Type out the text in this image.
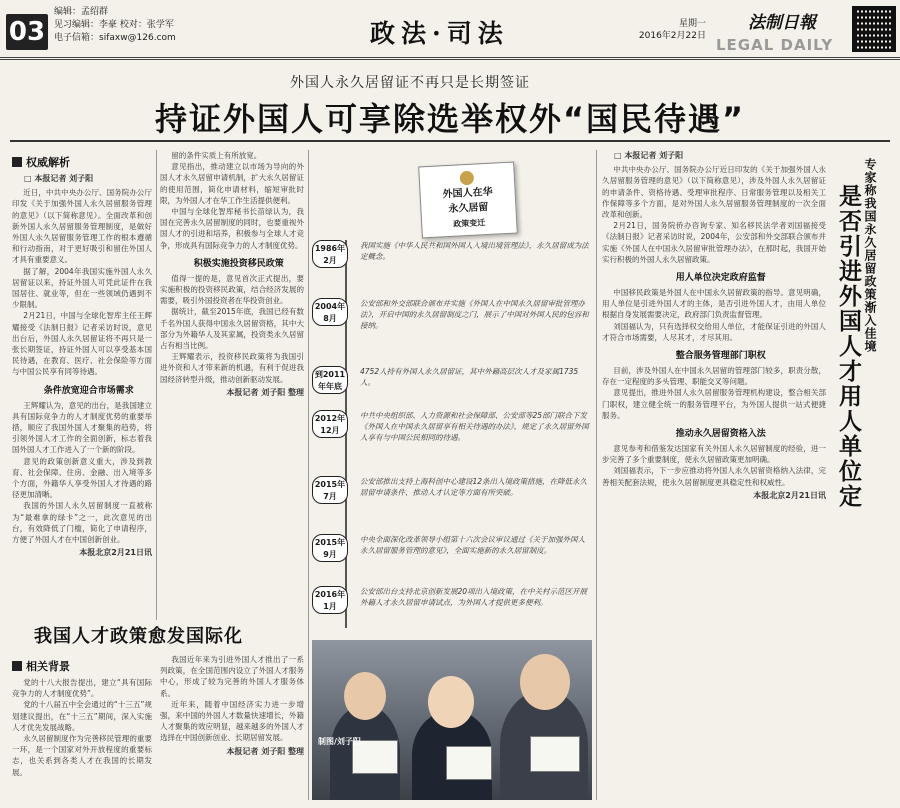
03
编辑：孟绍群
见习编辑：李豪 校对：张学军
电子信箱：sifaxw@126.com	政法·司法	星期一
2016年2月22日
法制日報
LEGAL DAILY
外国人永久居留证不再只是长期签证
持证外国人可享除选举权外“国民待遇”
权威解析

□ 本报记者 刘子阳

近日，中共中央办公厅、国务院办公厅印发《关于加强外国人永久居留服务管理的意见》（以下简称意见）。全面改革和创新外国人永久居留服务管理制度，是做好外国人永久居留服务管理工作的根本遵循和行动指南，对于更好吸引和留住外国人才具有重要意义。

据了解，2004年我国实施外国人永久居留证以来，持证外国人可凭此证件在我国居住、就业等，但在一些领域仍遇到不少限制。

2月21日，中国与全球化智库主任王辉耀接受《法制日报》记者采访时说，意见出台后，外国人永久居留证将不再只是一张长期签证，持证外国人可以享受基本国民待遇，在教育、医疗、社会保险等方面与中国公民享有同等待遇。

条件放宽迎合市场需求

王辉耀认为，意见的出台，是我国建立具有国际竞争力的人才制度优势的重要举措，顺应了我国外国人才聚集的趋势，将引领外国人才工作的全面创新，标志着我国外国人才工作进入了一个新的阶段。

意见的政策创新意义重大，涉及到教育、社会保障、住房、金融、出入境等多个方面，外籍华人享受外国人才待遇的路径更加清晰。

我国的外国人永久居留制度一直被称为“最难拿的绿卡”之一，此次意见的出台，有效降低了门槛，简化了申请程序，方便了外国人才在中国创新创业。

本报北京2月21日讯

留的条件实质上有所放宽。

意见指出，推动建立以市场为导向的外国人才永久居留申请机制，扩大永久居留证的使用范围，简化申请材料，缩短审批时限，为外国人才在华工作生活提供便利。

中国与全球化智库秘书长苗绿认为，我国在完善永久居留制度的同时，也要重视外国人才的引进和培养，积极参与全球人才竞争，形成具有国际竞争力的人才制度优势。

积极实施投资移民政策

值得一提的是，意见首次正式提出，要实施积极的投资移民政策，结合经济发展的需要，吸引外国投资者在华投资创业。

据统计，截至2015年底，我国已经有数千名外国人获得中国永久居留资格，其中大部分为外籍华人及其家属，投资类永久居留占有相当比例。

王辉耀表示，投资移民政策将为我国引进外资和人才带来新的机遇，有利于促进我国经济转型升级，推动创新驱动发展。

本报记者 刘子阳 整理

外国人在华
永久居留
政策变迁
1986年2月
我国实施《中华人民共和国外国人入境出境管理法》，永久居留成为法定概念。
2004年8月
公安部和外交部联合颁布并实施《外国人在中国永久居留审批管理办法》，开启中国的永久居留制度之门，展示了中国对外国人民的包容和接纳。
到2011年年底
4752人持有外国人永久居留证，其中外籍高层次人才及家属1735人。
2012年12月
中共中央组织部、人力资源和社会保障部、公安部等25部门联合下发《外国人在中国永久居留享有相关待遇的办法》，规定了永久居留外国人享有与中国公民相同的待遇。
2015年7月
公安部推出支持上海科创中心建设12条出入境政策措施，在降低永久居留申请条件、推动人才认定等方面有所突破。
2015年9月
中央全面深化改革领导小组第十六次会议审议通过《关于加强外国人永久居留服务管理的意见》，全面实施新的永久居留制度。
2016年1月
公安部出台支持北京创新发展20项出入境政策，在中关村示范区开展外籍人才永久居留申请试点，为外国人才提供更多便利。
我国人才政策愈发国际化
相关背景

党的十八大报告提出，建立“具有国际竞争力的人才制度优势”。

党的十八届五中全会通过的“十三五”规划建议提出，在“十三五”期间，深入实施人才优先发展战略。

永久居留制度作为完善移民管理的重要一环，是一个国家对外开放程度的重要标志，也关系到各类人才在我国的长期发展。

我国近年来为引进外国人才推出了一系列政策，在全国范围内设立了外国人才服务中心，形成了较为完善的外国人才服务体系。

近年来，随着中国经济实力进一步增强，来中国的外国人才数量快速增长，外籍人才聚集的效应明显，越来越多的外国人才选择在中国创新创业、长期居留发展。

本报记者 刘子阳 整理

制图/刘子阳

□ 本报记者 刘子阳

中共中央办公厅、国务院办公厅近日印发的《关于加强外国人永久居留服务管理的意见》（以下简称意见），涉及外国人永久居留证的申请条件、资格待遇、受理审批程序、日常服务管理以及相关工作保障等多个方面，是对外国人永久居留服务管理制度的一次全面改革和创新。

2月21日，国务院侨办咨询专家、知名移民法学者刘国福接受《法制日报》记者采访时说，2004年，公安部和外交部联合颁布并实施《外国人在中国永久居留审批管理办法》，在那时起，我国开始实行积极的外国人永久居留政策。

用人单位决定政府监督

中国移民政策是外国人在中国永久居留政策的指导。意见明确，用人单位是引进外国人才的主体，是否引进外国人才，由用人单位根据自身发展需要决定，政府部门负责监督管理。

刘国福认为，只有选择权交给用人单位，才能保证引进的外国人才符合市场需要，人尽其才，才尽其用。

整合服务管理部门职权

目前，涉及外国人在中国永久居留的管理部门较多，职责分散，存在一定程度的多头管理、职能交叉等问题。

意见提出，推进外国人永久居留服务管理机构建设，整合相关部门职权，建立健全统一的服务管理平台，为外国人提供一站式便捷服务。

推动永久居留资格入法

意见参考和借鉴发达国家有关外国人永久居留制度的经验，进一步完善了多个重要制度，使永久居留政策更加明确。

刘国福表示，下一步应推动将外国人永久居留资格纳入法律，完善相关配套法规，使永久居留制度更具稳定性和权威性。

本报北京2月21日讯

专家称我国永久居留政策渐入佳境
是否引进外国人才用人单位定
